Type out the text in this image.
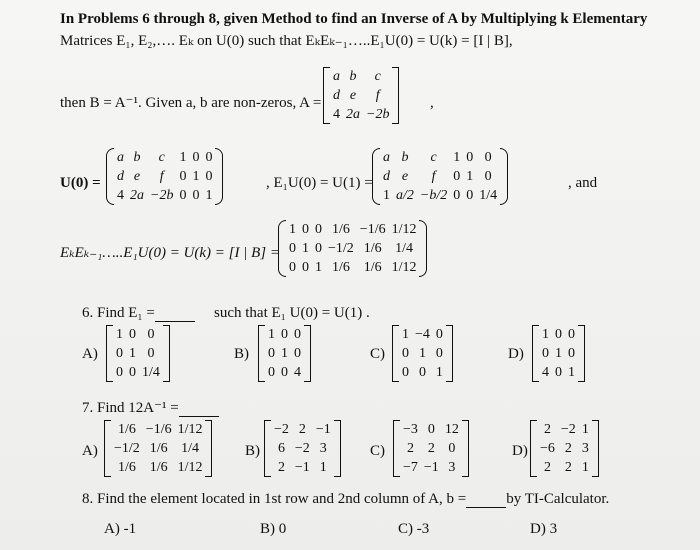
In Problems 6 through 8, given Method to find an Inverse of A by Multiplying k Elementary
Matrices E₁, E₂,…. Eₖ on U(0) such that EₖEₖ₋₁…..E₁U(0) = U(k) = [I | B],
then B = A⁻¹. Given a, b are non-zeros, A =
a	b	c
d	e	f
4	2a	−2b
,
U(0) =
a	b	c	1	0	0
d	e	f	0	1	0
4	2a	−2b	0	0	1
, E₁U(0) = U(1) =
a	b	c	1	0	0
d	e	f	0	1	0
1	a/2	−b/2	0	0	1/4
, and
EₖEₖ₋₁…..E₁U(0) = U(k) = [I | B] =
1	0	0	1/6	−1/6	1/12
0	1	0	−1/2	1/6	1/4
0	0	1	1/6	1/6	1/12
6. Find E₁ =	such that E₁ U(0) = U(1) .
A)
1	0	0
0	1	0
0	0	1/4
B)
1	0	0
0	1	0
0	0	4
C)
1	−4	0
0	1	0
0	0	1
D)
1	0	0
0	1	0
4	0	1
7. Find 12A⁻¹ =
A)
1/6	−1/6	1/12
−1/2	1/6	1/4
1/6	1/6	1/12
B)
−2	2	−1
6	−2	3
2	−1	1
C)
−3	0	12
2	2	0
−7	−1	3
D)
2	−2	1
−6	2	3
2	2	1
8. Find the element located in 1st row and 2nd column of A, b =	by TI-Calculator.
A) -1	B) 0	C) -3	D) 3
